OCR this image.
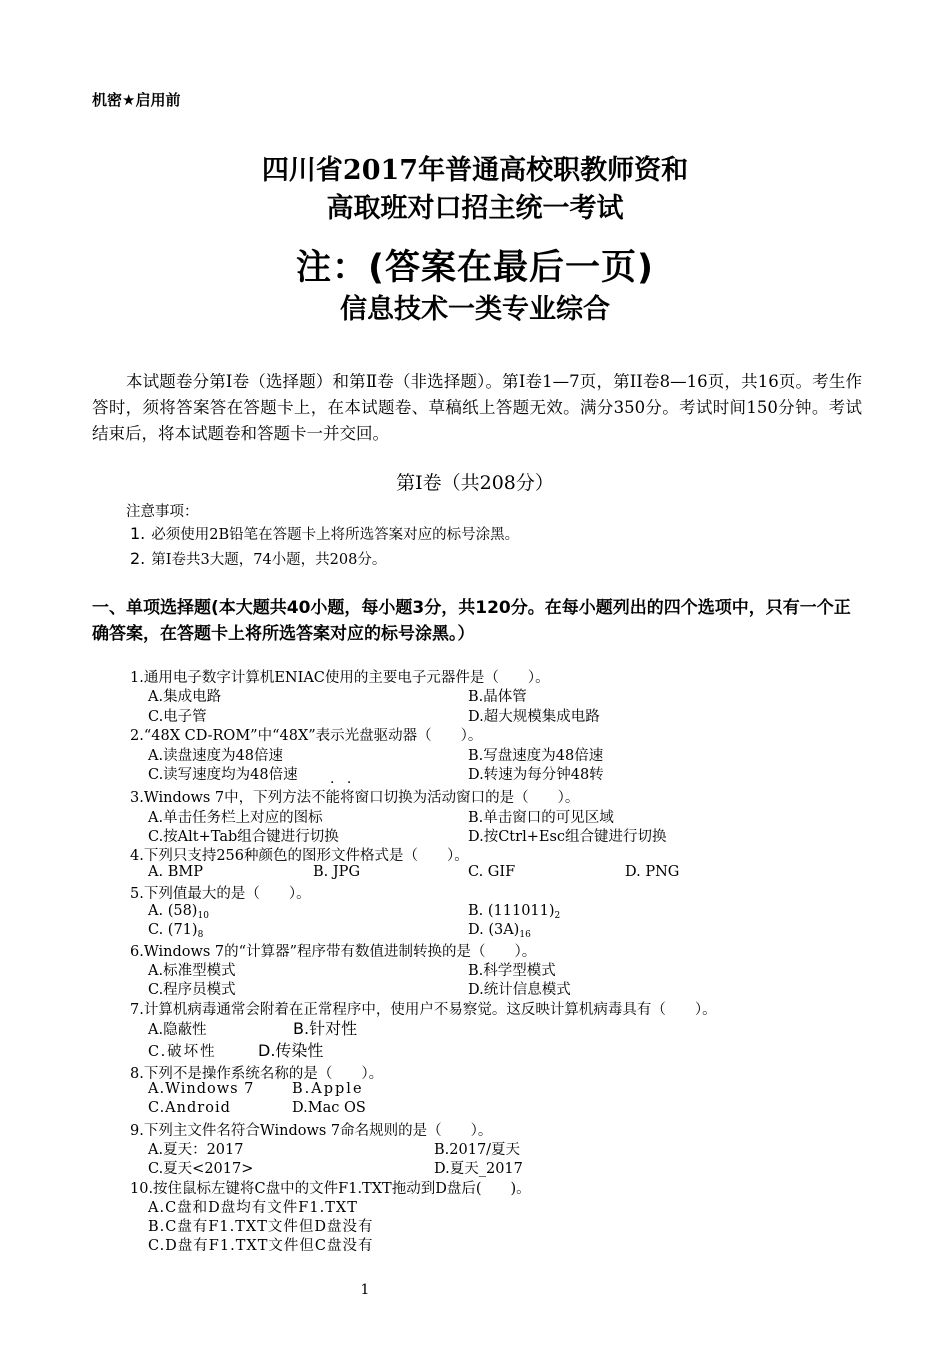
机密★启用前
四川省2017年普通高校职教师资和
高取班对口招主统一考试
注：(答案在最后一页)
信息技术一类专业综合
本试题卷分第Ⅰ卷（选择题）和第Ⅱ卷（非选择题）。第Ⅰ卷1—7页，第II卷8—16页，共16页。考生作答时，须将答案答在答题卡上，在本试题卷、草稿纸上答题无效。满分350分。考试时间150分钟。考试结束后，将本试题卷和答题卡一并交回。
第Ⅰ卷（共208分）
注意事项：
1. 必须使用2B铅笔在答题卡上将所选答案对应的标号涂黑。
2. 第Ⅰ卷共3大题，74小题，共208分。
一、单项选择题(本大题共40小题，每小题3分，共120分。在每小题列出的四个选项中，只有一个正确答案，在答题卡上将所选答案对应的标号涂黑。）
1.通用电子数字计算机ENIAC使用的主要电子元器件是（　　）。
A.集成电路	B.晶体管
C.电子管	D.超大规模集成电路
2.“48X CD-ROM”中“48X”表示光盘驱动器（　　）。
A.读盘速度为48倍速	B.写盘速度为48倍速
C.读写速度均为48倍速 . .	D.转速为每分钟48转
3.Windows 7中，下列方法不能将窗口切换为活动窗口的是（　　）。
A.单击任务栏上对应的图标	B.单击窗口的可见区域
C.按Alt+Tab组合键进行切换	D.按Ctrl+Esc组合键进行切换
4.下列只支持256种颜色的图形文件格式是（　　）。
A. BMP	B. JPG	C. GIF	D. PNG
5.下列值最大的是（　　）。
A. $(58)_{10}$	B. $(111011)_2$
C. $(71)_8$	D. $(3A)_{16}$
6.Windows 7的“计算器”程序带有数值进制转换的是（　　）。
A.标准型模式	B.科学型模式
C.程序员模式	D.统计信息模式
7.计算机病毒通常会附着在正常程序中，使用户不易察觉。这反映计算机病毒具有（　　）。
A.隐蔽性	B.针对性
C.破坏性	D.传染性
8.下列不是操作系统名称的是（　　）。
A.Windows 7	B.Apple
C.Android	D.Mac OS
9.下列主文件名符合Windows 7命名规则的是（　　）。
A.夏天：2017	B.2017/夏天
C.夏天<2017>	D.夏天_2017
10.按住鼠标左键将C盘中的文件F1.TXT拖动到D盘后(　　)。
A.C盘和D盘均有文件F1.TXT
B.C盘有F1.TXT文件但D盘没有
C.D盘有F1.TXT文件但C盘没有
1
